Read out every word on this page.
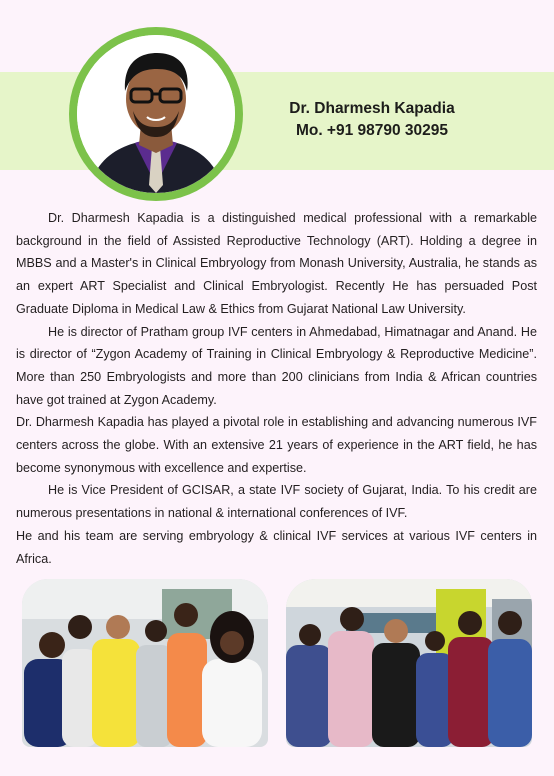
Dr. Dharmesh Kapadia
Mo. +91 98790 30295

Dr. Dharmesh Kapadia is a distinguished medical professional with a remarkable background in the field of Assisted Reproductive Technology (ART). Holding a degree in MBBS and a Master's in Clinical Embryology from Monash University, Australia, he stands as an expert ART Specialist and Clinical Embryologist. Recently He has persuaded Post Graduate Diploma in Medical Law & Ethics from Gujarat National Law University.

He is director of Pratham group IVF centers in Ahmedabad, Himatnagar and Anand. He is director of “Zygon Academy of Training in Clinical Embryology & Reproductive Medicine”. More than 250 Embryologists and more than 200 clinicians from India & African countries have got trained at Zygon Academy.

Dr. Dharmesh Kapadia has played a pivotal role in establishing and advancing numerous IVF centers across the globe. With an extensive 21 years of experience in the ART field, he has become synonymous with excellence and expertise.

He is Vice President of GCISAR, a state IVF society of Gujarat, India. To his credit are numerous presentations in national & international conferences of IVF.

He and his team are serving embryology & clinical IVF services at various IVF centers in Africa.
